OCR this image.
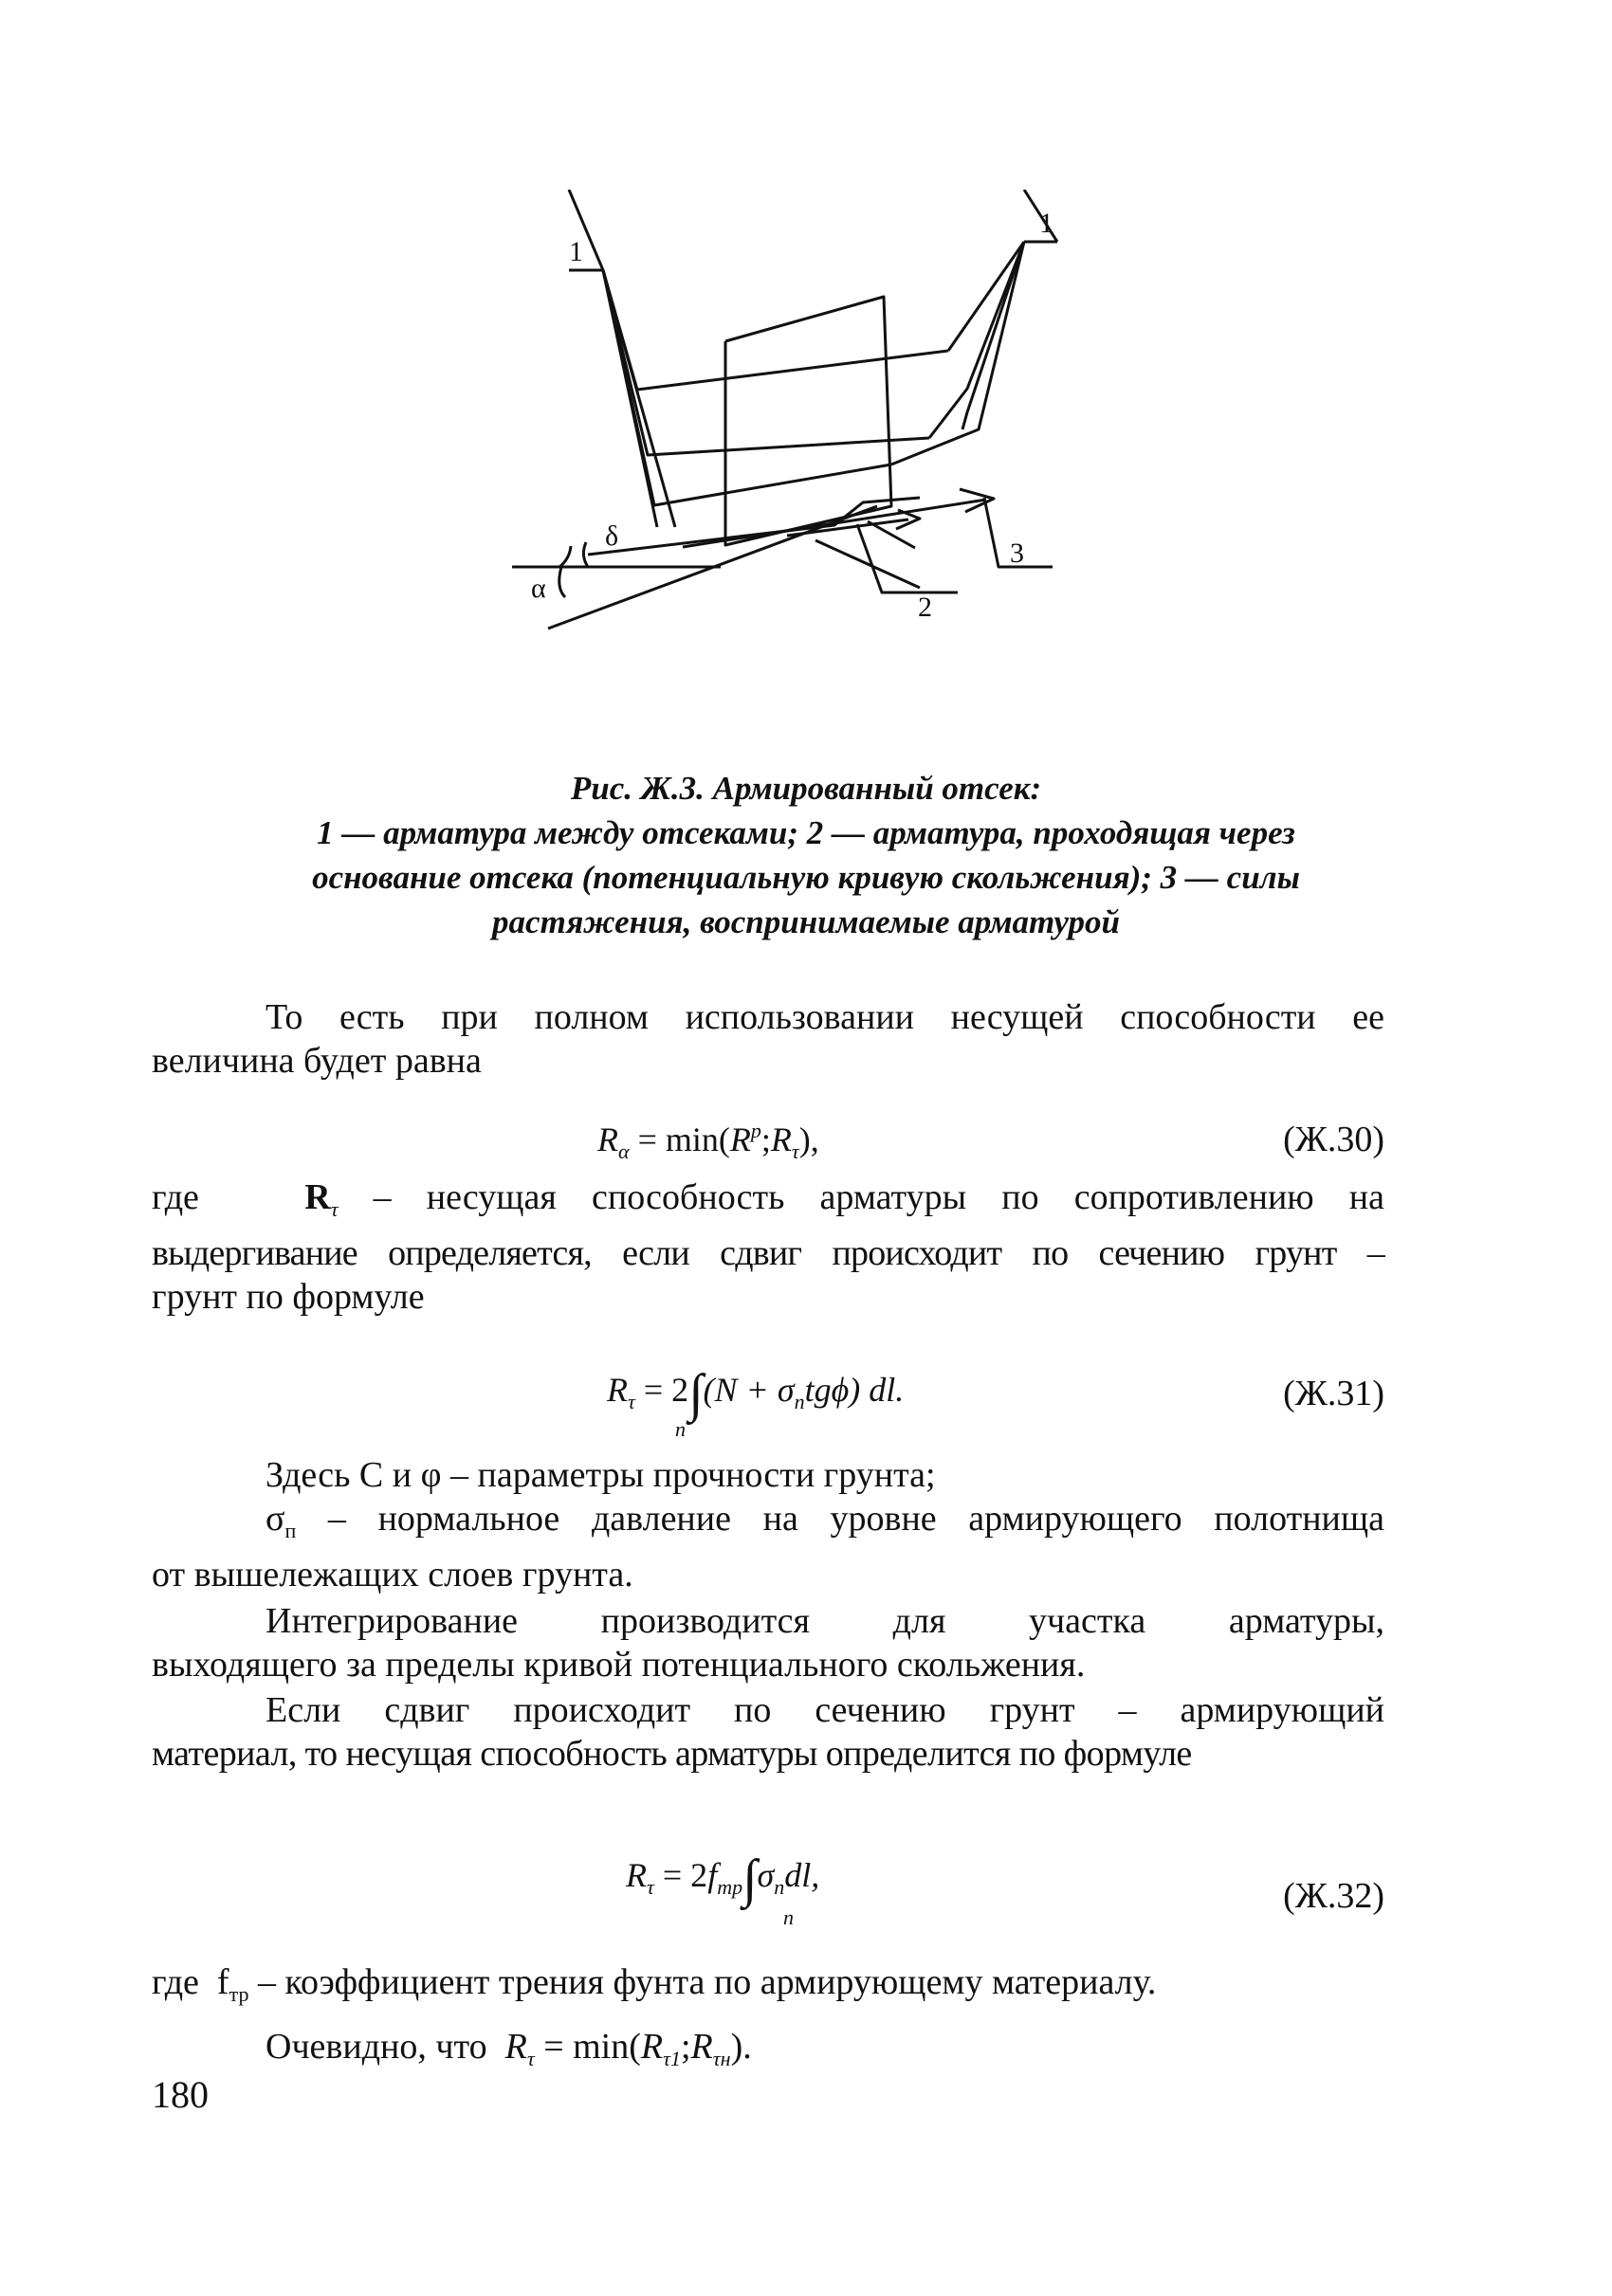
1
1
2
3
δ
α
Рис. Ж.3. Армированный отсек:
1 — арматура между отсеками; 2 — арматура, проходящая через
основание отсека (потенциальную кривую скольжения); 3 — силы
растяжения, воспринимаемые арматурой
То есть при полном использовании несущей способности ее
величина будет равна
$R_\alpha$ = $\min(R^p;R_\tau)$,	(Ж.30)
где	$R_\tau$ – несущая способность арматуры по сопротивлению на
выдергивание определяется, если сдвиг происходит по сечению грунт –
грунт по формуле
$R_\tau = 2\int(N + \sigma_ntg\phi)$ dl.
n
(Ж.31)
Здесь С и φ – параметры прочности грунта;
$\sigma_п$ – нормальное давление на уровне армирующего полотнища
от вышележащих слоев грунта.
Интегрирование производится для участка арматуры,
выходящего за пределы кривой потенциального скольжения.
Если сдвиг происходит по сечению грунт – армирующий
материал, то несущая способность арматуры определится по формуле
$R_\tau = 2f_{тр}\int\sigma_ndl$,
n
(Ж.32)
где $f_{тр}$ – коэффициент трения фунта по армирующему материалу.
Очевидно, что $R_\tau$ = $\min(R_{\tau 1};R_{\tau н})$.
180
